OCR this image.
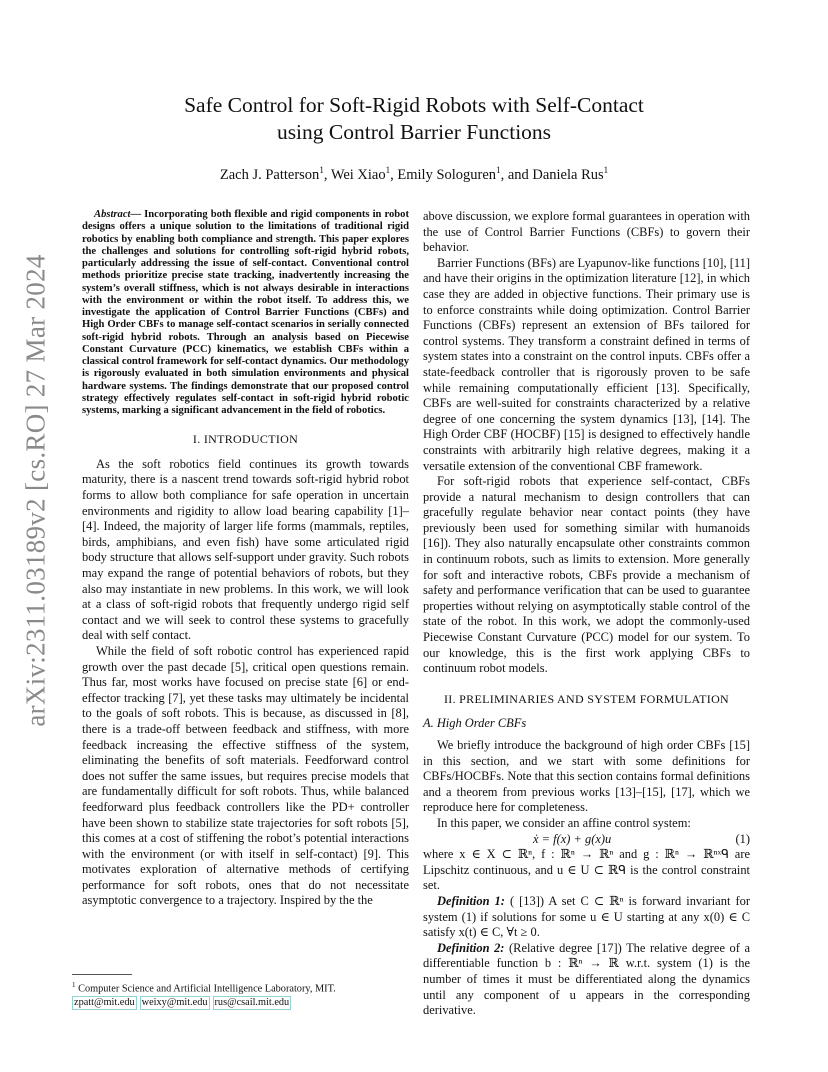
arXiv:2311.03189v2 [cs.RO] 27 Mar 2024
Safe Control for Soft-Rigid Robots with Self-Contact
using Control Barrier Functions
Zach J. Patterson$^1$, Wei Xiao$^1$, Emily Sologuren$^1$, and Daniela Rus$^1$

Abstract— Incorporating both flexible and rigid components in robot designs offers a unique solution to the limitations of traditional rigid robotics by enabling both compliance and strength. This paper explores the challenges and solutions for controlling soft-rigid hybrid robots, particularly addressing the issue of self-contact. Conventional control methods prioritize precise state tracking, inadvertently increasing the system’s overall stiffness, which is not always desirable in interactions with the environment or within the robot itself. To address this, we investigate the application of Control Barrier Functions (CBFs) and High Order CBFs to manage self-contact scenarios in serially connected soft-rigid hybrid robots. Through an analysis based on Piecewise Constant Curvature (PCC) kinematics, we establish CBFs within a classical control framework for self-contact dynamics. Our methodology is rigorously evaluated in both simulation environments and physical hardware systems. The findings demonstrate that our proposed control strategy effectively regulates self-contact in soft-rigid hybrid robotic systems, marking a significant advancement in the field of robotics.

I. INTRODUCTION

As the soft robotics field continues its growth towards maturity, there is a nascent trend towards soft-rigid hybrid robot forms to allow both compliance for safe operation in uncertain environments and rigidity to allow load bearing capability [1]–[4]. Indeed, the majority of larger life forms (mammals, reptiles, birds, amphibians, and even fish) have some articulated rigid body structure that allows self-support under gravity. Such robots may expand the range of potential behaviors of robots, but they also may instantiate in new problems. In this work, we will look at a class of soft-rigid robots that frequently undergo rigid self contact and we will seek to control these systems to gracefully deal with self contact.

While the field of soft robotic control has experienced rapid growth over the past decade [5], critical open questions remain. Thus far, most works have focused on precise state [6] or end-effector tracking [7], yet these tasks may ultimately be incidental to the goals of soft robots. This is because, as discussed in [8], there is a trade-off between feedback and stiffness, with more feedback increasing the effective stiffness of the system, eliminating the benefits of soft materials. Feedforward control does not suffer the same issues, but requires precise models that are fundamentally difficult for soft robots. Thus, while balanced feedforward plus feedback controllers like the PD+ controller have been shown to stabilize state trajectories for soft robots [5], this comes at a cost of stiffening the robot’s potential interactions with the environment (or with itself in self-contact) [9]. This motivates exploration of alternative methods of certifying performance for soft robots, ones that do not necessitate asymptotic convergence to a trajectory. Inspired by the the

$^1$ Computer Science and Artificial Intelligence Laboratory, MIT.
zpatt@mit.edu weixy@mit.edu rus@csail.mit.edu

above discussion, we explore formal guarantees in operation with the use of Control Barrier Functions (CBFs) to govern their behavior.

Barrier Functions (BFs) are Lyapunov-like functions [10], [11] and have their origins in the optimization literature [12], in which case they are added in objective functions. Their primary use is to enforce constraints while doing optimization. Control Barrier Functions (CBFs) represent an extension of BFs tailored for control systems. They transform a constraint defined in terms of system states into a constraint on the control inputs. CBFs offer a state-feedback controller that is rigorously proven to be safe while remaining computationally efficient [13]. Specifically, CBFs are well-suited for constraints characterized by a relative degree of one concerning the system dynamics [13], [14]. The High Order CBF (HOCBF) [15] is designed to effectively handle constraints with arbitrarily high relative degrees, making it a versatile extension of the conventional CBF framework.

For soft-rigid robots that experience self-contact, CBFs provide a natural mechanism to design controllers that can gracefully regulate behavior near contact points (they have previously been used for something similar with humanoids [16]). They also naturally encapsulate other constraints common in continuum robots, such as limits to extension. More generally for soft and interactive robots, CBFs provide a mechanism of safety and performance verification that can be used to guarantee properties without relying on asymptotically stable control of the state of the robot. In this work, we adopt the commonly-used Piecewise Constant Curvature (PCC) model for our system. To our knowledge, this is the first work applying CBFs to continuum robot models.

II. PRELIMINARIES AND SYSTEM FORMULATION
A. High Order CBFs

We briefly introduce the background of high order CBFs [15] in this section, and we start with some definitions for CBFs/HOCBFs. Note that this section contains formal definitions and a theorem from previous works [13]–[15], [17], which we reproduce here for completeness.

In this paper, we consider an affine control system:

ẋ = f(x) + g(x)u	(1)

where x ∈ X ⊂ ℝⁿ, f : ℝⁿ → ℝⁿ and g : ℝⁿ → ℝⁿˣᑫ are Lipschitz continuous, and u ∈ U ⊂ ℝᑫ is the control constraint set.

Definition 1: ( [13]) A set C ⊂ ℝⁿ is forward invariant for system (1) if solutions for some u ∈ U starting at any x(0) ∈ C satisfy x(t) ∈ C, ∀t ≥ 0.

Definition 2: (Relative degree [17]) The relative degree of a differentiable function b : ℝⁿ → ℝ w.r.t. system (1) is the number of times it must be differentiated along the dynamics until any component of u appears in the corresponding derivative.
